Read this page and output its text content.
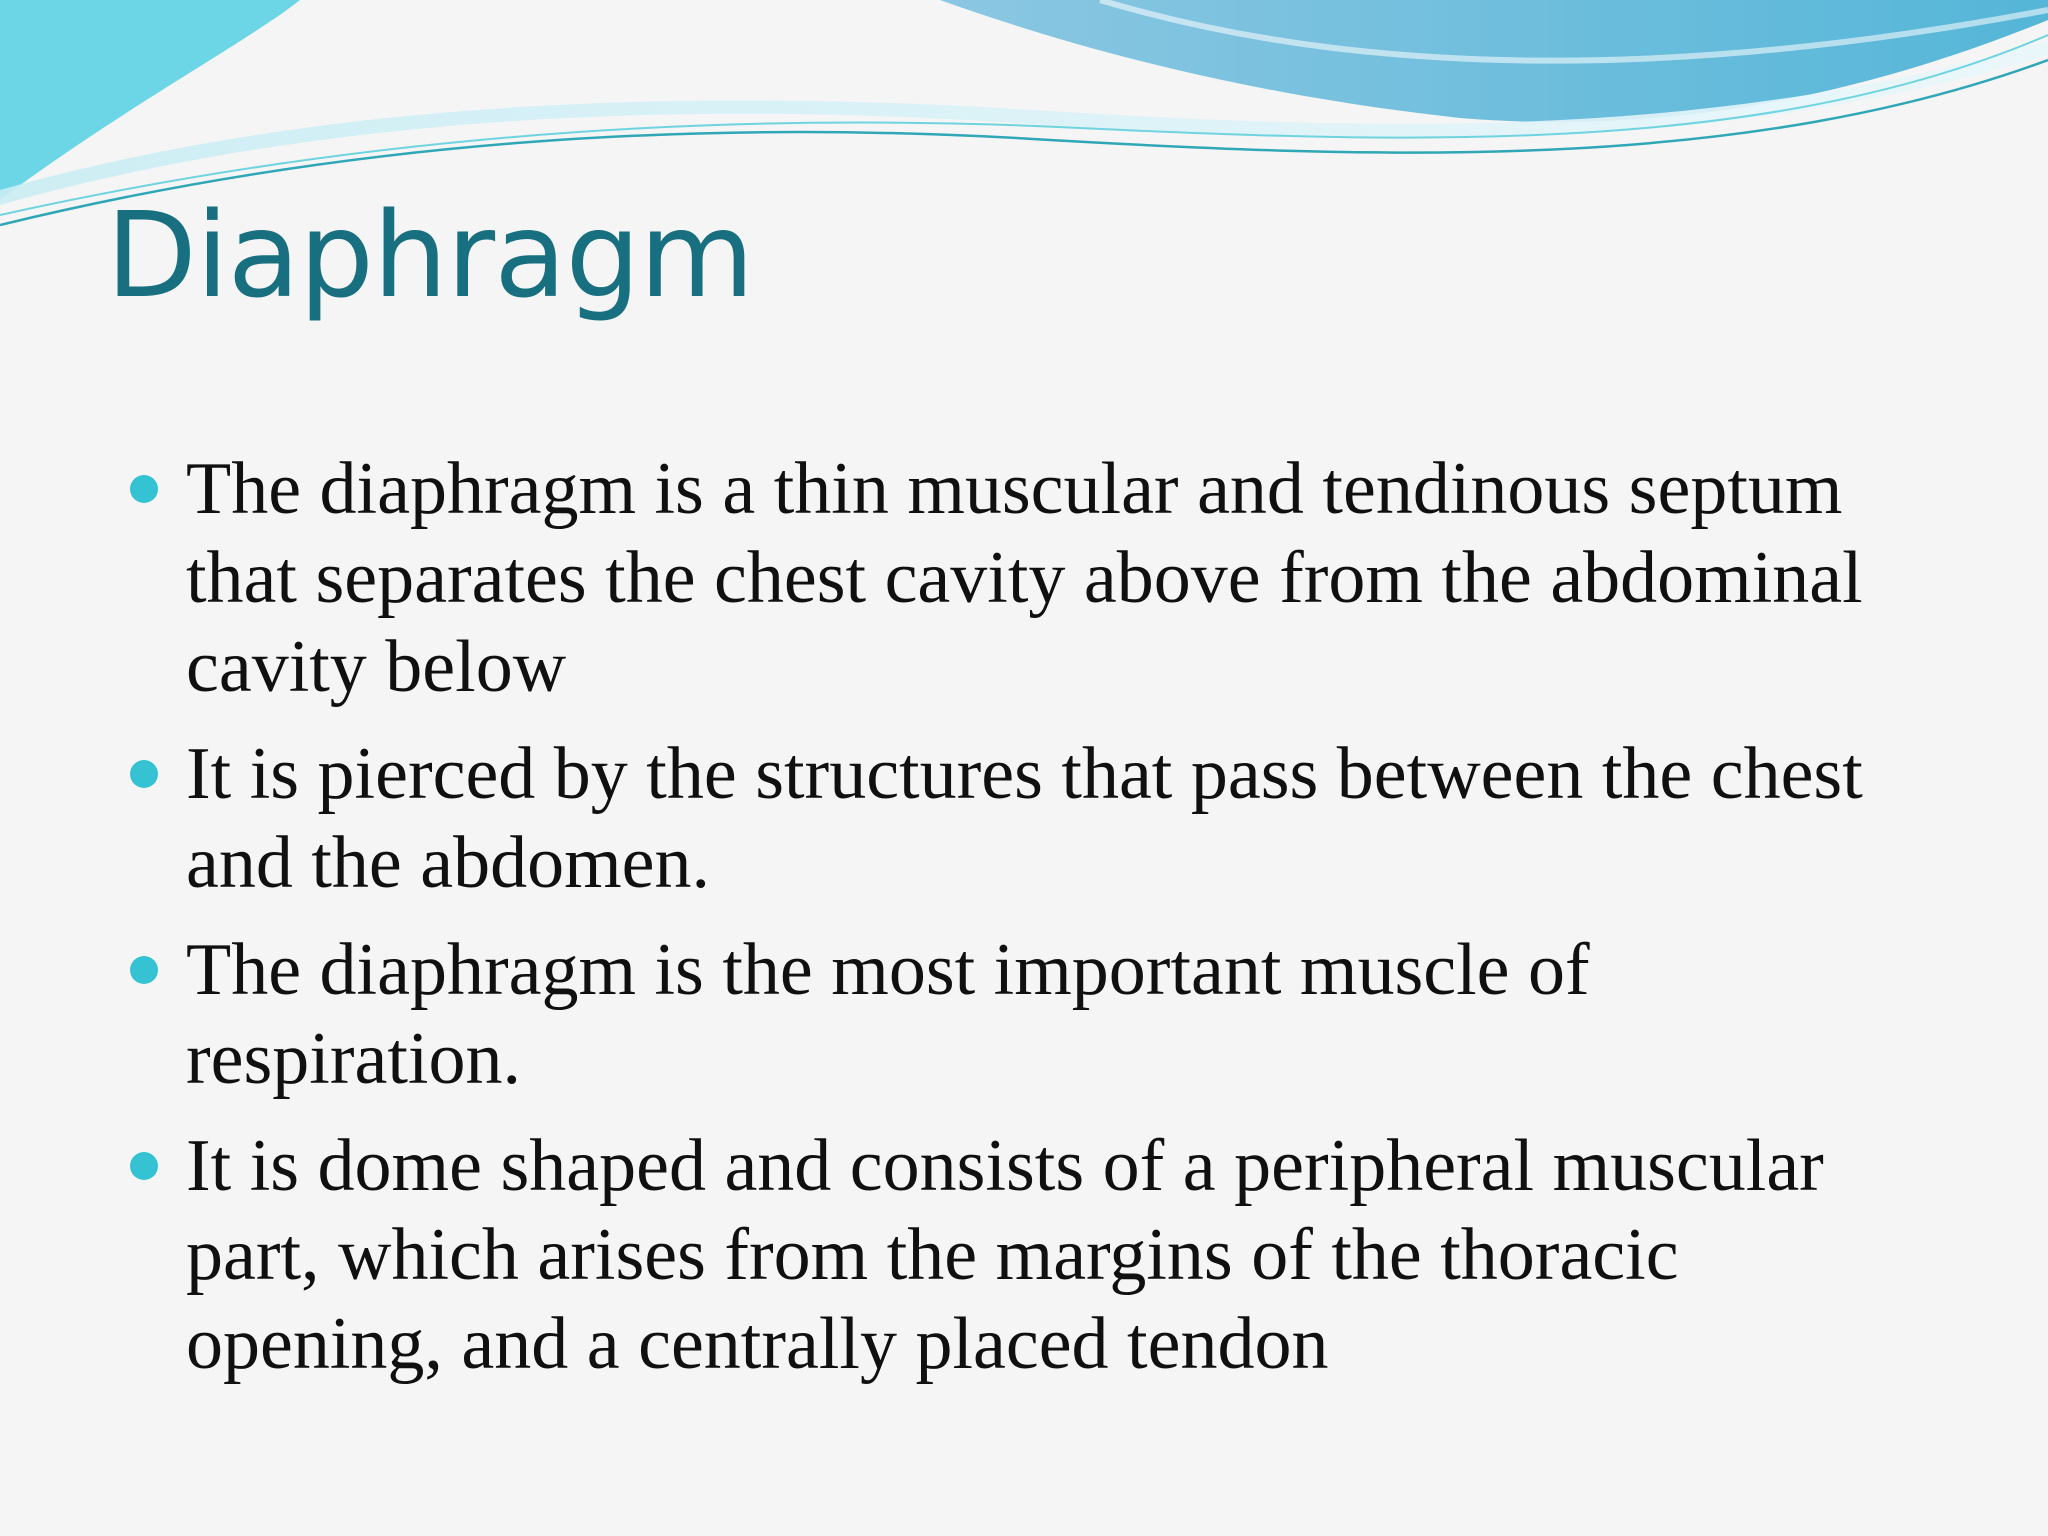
Diaphragm
The diaphragm is a thin muscular and tendinous septum that separates the chest cavity above from the abdominal cavity below
It is pierced by the structures that pass between the chest and the abdomen.
The diaphragm is the most important muscle of respiration.
It is dome shaped and consists of a peripheral muscular part, which arises from the margins of the thoracic opening, and a centrally placed tendon
